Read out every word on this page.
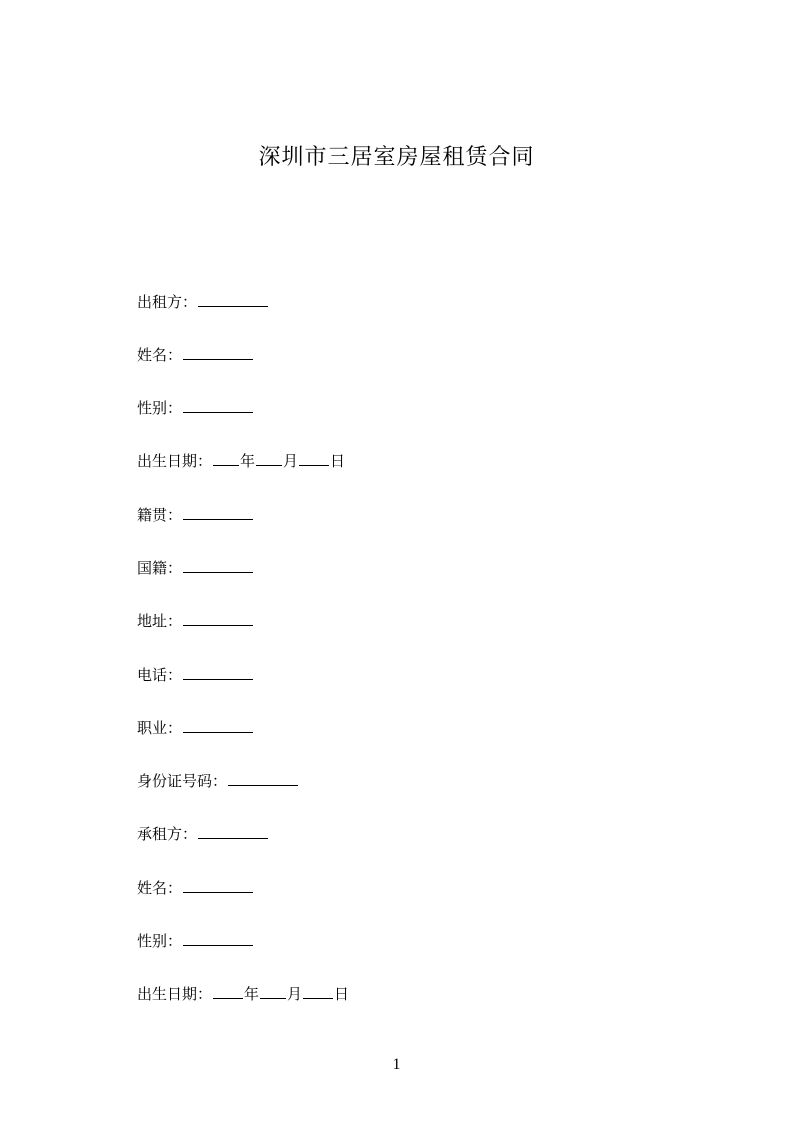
深圳市三居室房屋租赁合同
出租方：
姓名：
性别：
出生日期： 年 月 日
籍贯：
国籍：
地址：
电话：
职业：
身份证号码：
承租方：
姓名：
性别：
出生日期： 年 月 日
1
